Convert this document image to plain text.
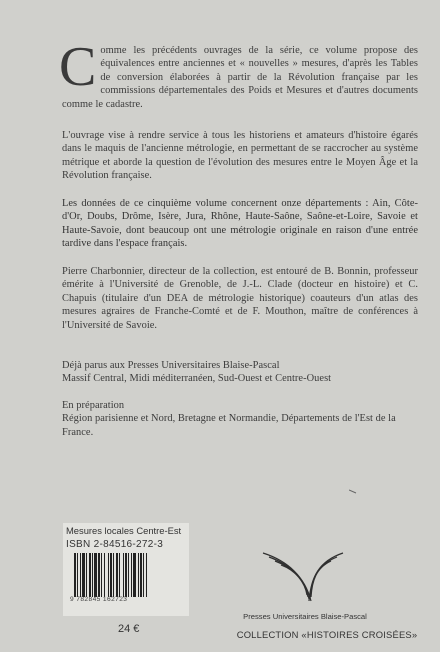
Comme les précédents ouvrages de la série, ce volume propose des équivalences entre anciennes et « nouvelles » mesures, d'après les Tables de conversion élaborées à partir de la Révolution française par les commissions départementales des Poids et Mesures et d'autres documents comme le cadastre.

L'ouvrage vise à rendre service à tous les historiens et amateurs d'histoire égarés dans le maquis de l'ancienne métrologie, en permettant de se raccrocher au système métrique et aborde la question de l'évolution des mesures entre le Moyen Âge et la Révolution française.

Les données de ce cinquième volume concernent onze départements : Ain, Côte-d'Or, Doubs, Drôme, Isère, Jura, Rhône, Haute-Saône, Saône-et-Loire, Savoie et Haute-Savoie, dont beaucoup ont une métrologie originale en raison d'une entrée tardive dans l'espace français.

Pierre Charbonnier, directeur de la collection, est entouré de B. Bonnin, professeur émérite à l'Université de Grenoble, de J.-L. Clade (docteur en histoire) et C. Chapuis (titulaire d'un DEA de métrologie historique) coauteurs d'un atlas des mesures agraires de Franche-Comté et de F. Mouthon, maître de conférences à l'Université de Savoie.

Déjà parus aux Presses Universitaires Blaise-Pascal
Massif Central, Midi méditerranéen, Sud-Ouest et Centre-Ouest

En préparation
Région parisienne et Nord, Bretagne et Normandie, Départements de l'Est de la France.

Mesures locales Centre-Est
ISBN 2-84516-272-3
9 782845 162723
24 €
Presses Universitaires Blaise-Pascal
COLLECTION «HISTOIRES CROISÉES»
